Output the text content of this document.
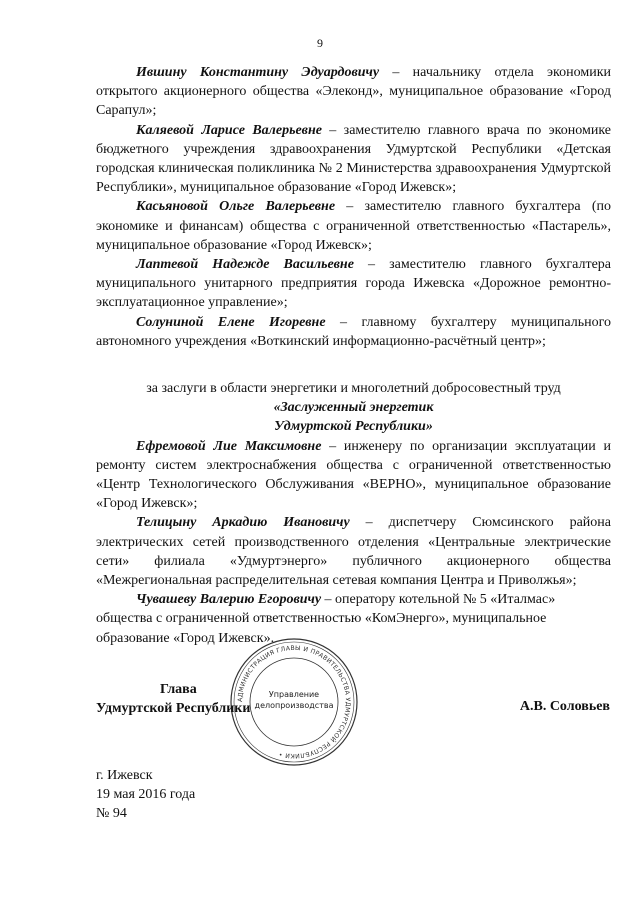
9

Ившину Константину Эдуардовичу – начальнику отдела экономики открытого акционерного общества «Элеконд», муниципальное образование «Город Сарапул»;

Каляевой Ларисе Валерьевне – заместителю главного врача по экономике бюджетного учреждения здравоохранения Удмуртской Республики «Детская городская клиническая поликлиника № 2 Министерства здравоохранения Удмуртской Республики», муниципальное образование «Город Ижевск»;

Касьяновой Ольге Валерьевне – заместителю главного бухгалтера (по экономике и финансам) общества с ограниченной ответственностью «Пастарель», муниципальное образование «Город Ижевск»;

Лаптевой Надежде Васильевне – заместителю главного бухгалтера муниципального унитарного предприятия города Ижевска «Дорожное ремонтно-эксплуатационное управление»;

Солуниной Елене Игоревне – главному бухгалтеру муниципального автономного учреждения «Воткинский информационно-расчётный центр»;

за заслуги в области энергетики и многолетний добросовестный труд

«Заслуженный энергетик

Удмуртской Республики»

Ефремовой Лие Максимовне – инженеру по организации эксплуатации и ремонту систем электроснабжения общества с ограниченной ответственностью «Центр Технологического Обслуживания «ВЕРНО», муниципальное образование «Город Ижевск»;

Телицыну Аркадию Ивановичу – диспетчеру Сюмсинского района электрических сетей производственного отделения «Центральные электрические сети» филиала «Удмуртэнерго» публичного акционерного общества «Межрегиональная распределительная сетевая компания Центра и Приволжья»;

Чувашеву Валерию Егоровичу – оператору котельной № 5 «Италмас» общества с ограниченной ответственностью «КомЭнерго», муниципальное образование «Город Ижевск».

АДМИНИСТРАЦИЯ ГЛАВЫ И ПРАВИТЕЛЬСТВА УДМУРТСКОЙ РЕСПУБЛИКИ •
Управление
делопроизводства
Глава
Удмуртской Республики	А.В. Соловьев
г. Ижевск
19 мая 2016 года
№ 94
